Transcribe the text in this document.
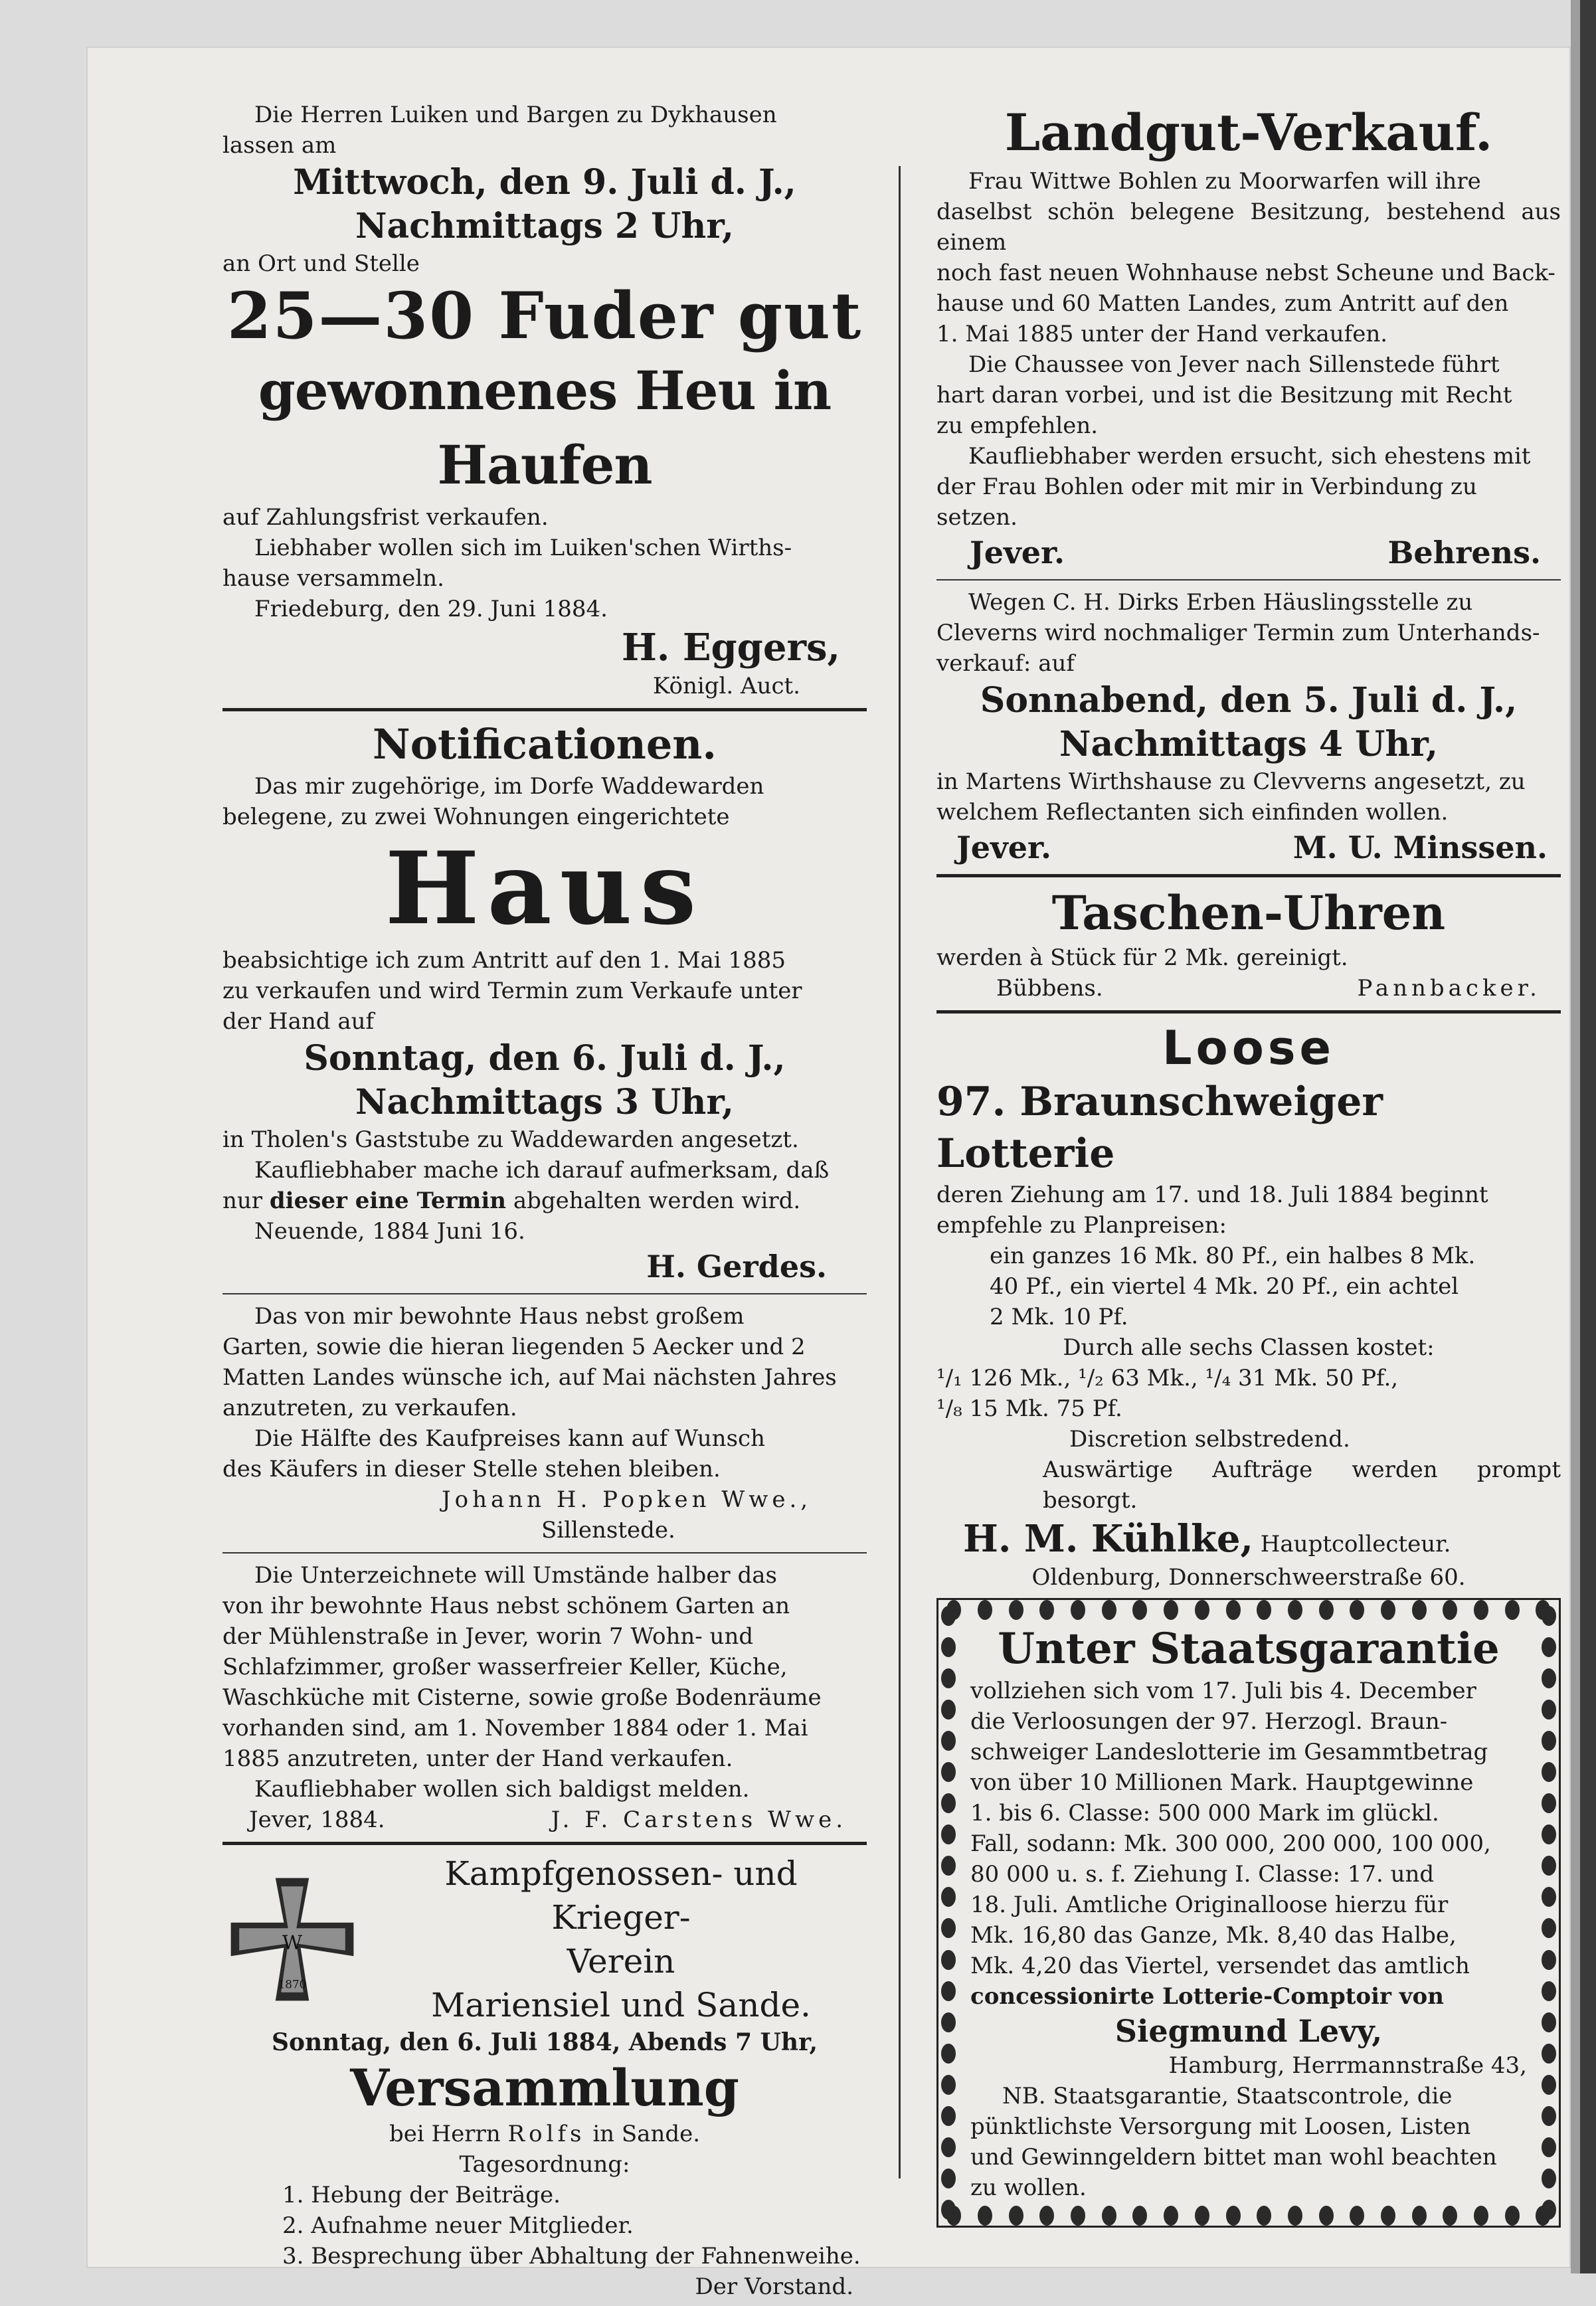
Die Herren Luiken und Bargen zu Dykhausen

lassen am

Mittwoch, den 9. Juli d. J.,

Nachmittags 2 Uhr,

an Ort und Stelle

25—30 Fuder gut

gewonnenes Heu in Haufen

auf Zahlungsfrist verkaufen.

Liebhaber wollen sich im Luiken'schen Wirths-

hause versammeln.

Friedeburg, den 29. Juni 1884.

H. Eggers,

Königl. Auct.

Notificationen.

Das mir zugehörige, im Dorfe Waddewarden

belegene, zu zwei Wohnungen eingerichtete

Haus

beabsichtige ich zum Antritt auf den 1. Mai 1885

zu verkaufen und wird Termin zum Verkaufe unter

der Hand auf

Sonntag, den 6. Juli d. J.,

Nachmittags 3 Uhr,

in Tholen's Gaststube zu Waddewarden angesetzt.

Kaufliebhaber mache ich darauf aufmerksam, daß

nur dieser eine Termin abgehalten werden wird.

Neuende, 1884 Juni 16.

H. Gerdes.

Das von mir bewohnte Haus nebst großem

Garten, sowie die hieran liegenden 5 Aecker und 2

Matten Landes wünsche ich, auf Mai nächsten Jahres

anzutreten, zu verkaufen.

Die Hälfte des Kaufpreises kann auf Wunsch

des Käufers in dieser Stelle stehen bleiben.

Johann H. Popken Wwe.,

Sillenstede.

Die Unterzeichnete will Umstände halber das

von ihr bewohnte Haus nebst schönem Garten an

der Mühlenstraße in Jever, worin 7 Wohn- und

Schlafzimmer, großer wasserfreier Keller, Küche,

Waschküche mit Cisterne, sowie große Bodenräume

vorhanden sind, am 1. November 1884 oder 1. Mai

1885 anzutreten, unter der Hand verkaufen.

Kaufliebhaber wollen sich baldigst melden.

Jever, 1884.	J. F. Carstens Wwe.
W
1870

Kampfgenossen- und Krieger-

Verein

Mariensiel und Sande.

Sonntag, den 6. Juli 1884, Abends 7 Uhr,

Versammlung

bei Herrn Rolfs in Sande.

Tagesordnung:

1. Hebung der Beiträge.

2. Aufnahme neuer Mitglieder.

3. Besprechung über Abhaltung der Fahnenweihe.

Der Vorstand.

Landgut-Verkauf.

Frau Wittwe Bohlen zu Moorwarfen will ihre

daselbst schön belegene Besitzung, bestehend aus einem

noch fast neuen Wohnhause nebst Scheune und Back-

hause und 60 Matten Landes, zum Antritt auf den

1. Mai 1885 unter der Hand verkaufen.

Die Chaussee von Jever nach Sillenstede führt

hart daran vorbei, und ist die Besitzung mit Recht

zu empfehlen.

Kaufliebhaber werden ersucht, sich ehestens mit

der Frau Bohlen oder mit mir in Verbindung zu

setzen.

Jever.	Behrens.

Wegen C. H. Dirks Erben Häuslingsstelle zu

Cleverns wird nochmaliger Termin zum Unterhands-

verkauf: auf

Sonnabend, den 5. Juli d. J.,

Nachmittags 4 Uhr,

in Martens Wirthshause zu Clevverns angesetzt, zu

welchem Reflectanten sich einfinden wollen.

Jever.	M. U. Minssen.

Taschen-Uhren

werden à Stück für 2 Mk. gereinigt.

Bübbens.	Pannbacker.

Loose

97. Braunschweiger Lotterie

deren Ziehung am 17. und 18. Juli 1884 beginnt

empfehle zu Planpreisen:

ein ganzes 16 Mk. 80 Pf., ein halbes 8 Mk.

40 Pf., ein viertel 4 Mk. 20 Pf., ein achtel

2 Mk. 10 Pf.

Durch alle sechs Classen kostet:

¹/₁ 126 Mk., ¹/₂ 63 Mk., ¹/₄ 31 Mk. 50 Pf.,

¹/₈ 15 Mk. 75 Pf.

Discretion selbstredend.

Auswärtige Aufträge werden prompt besorgt.

H. M. Kühlke, Hauptcollecteur.

Oldenburg, Donnerschweerstraße 60.

Unter Staatsgarantie

vollziehen sich vom 17. Juli bis 4. December

die Verloosungen der 97. Herzogl. Braun-

schweiger Landeslotterie im Gesammtbetrag

von über 10 Millionen Mark. Hauptgewinne

1. bis 6. Classe: 500 000 Mark im glückl.

Fall, sodann: Mk. 300 000, 200 000, 100 000,

80 000 u. s. f. Ziehung I. Classe: 17. und

18. Juli. Amtliche Originalloose hierzu für

Mk. 16,80 das Ganze, Mk. 8,40 das Halbe,

Mk. 4,20 das Viertel, versendet das amtlich

concessionirte Lotterie-Comptoir von

Siegmund Levy,

Hamburg, Herrmannstraße 43,

NB. Staatsgarantie, Staatscontrole, die

pünktlichste Versorgung mit Loosen, Listen

und Gewinngeldern bittet man wohl beachten

zu wollen.
